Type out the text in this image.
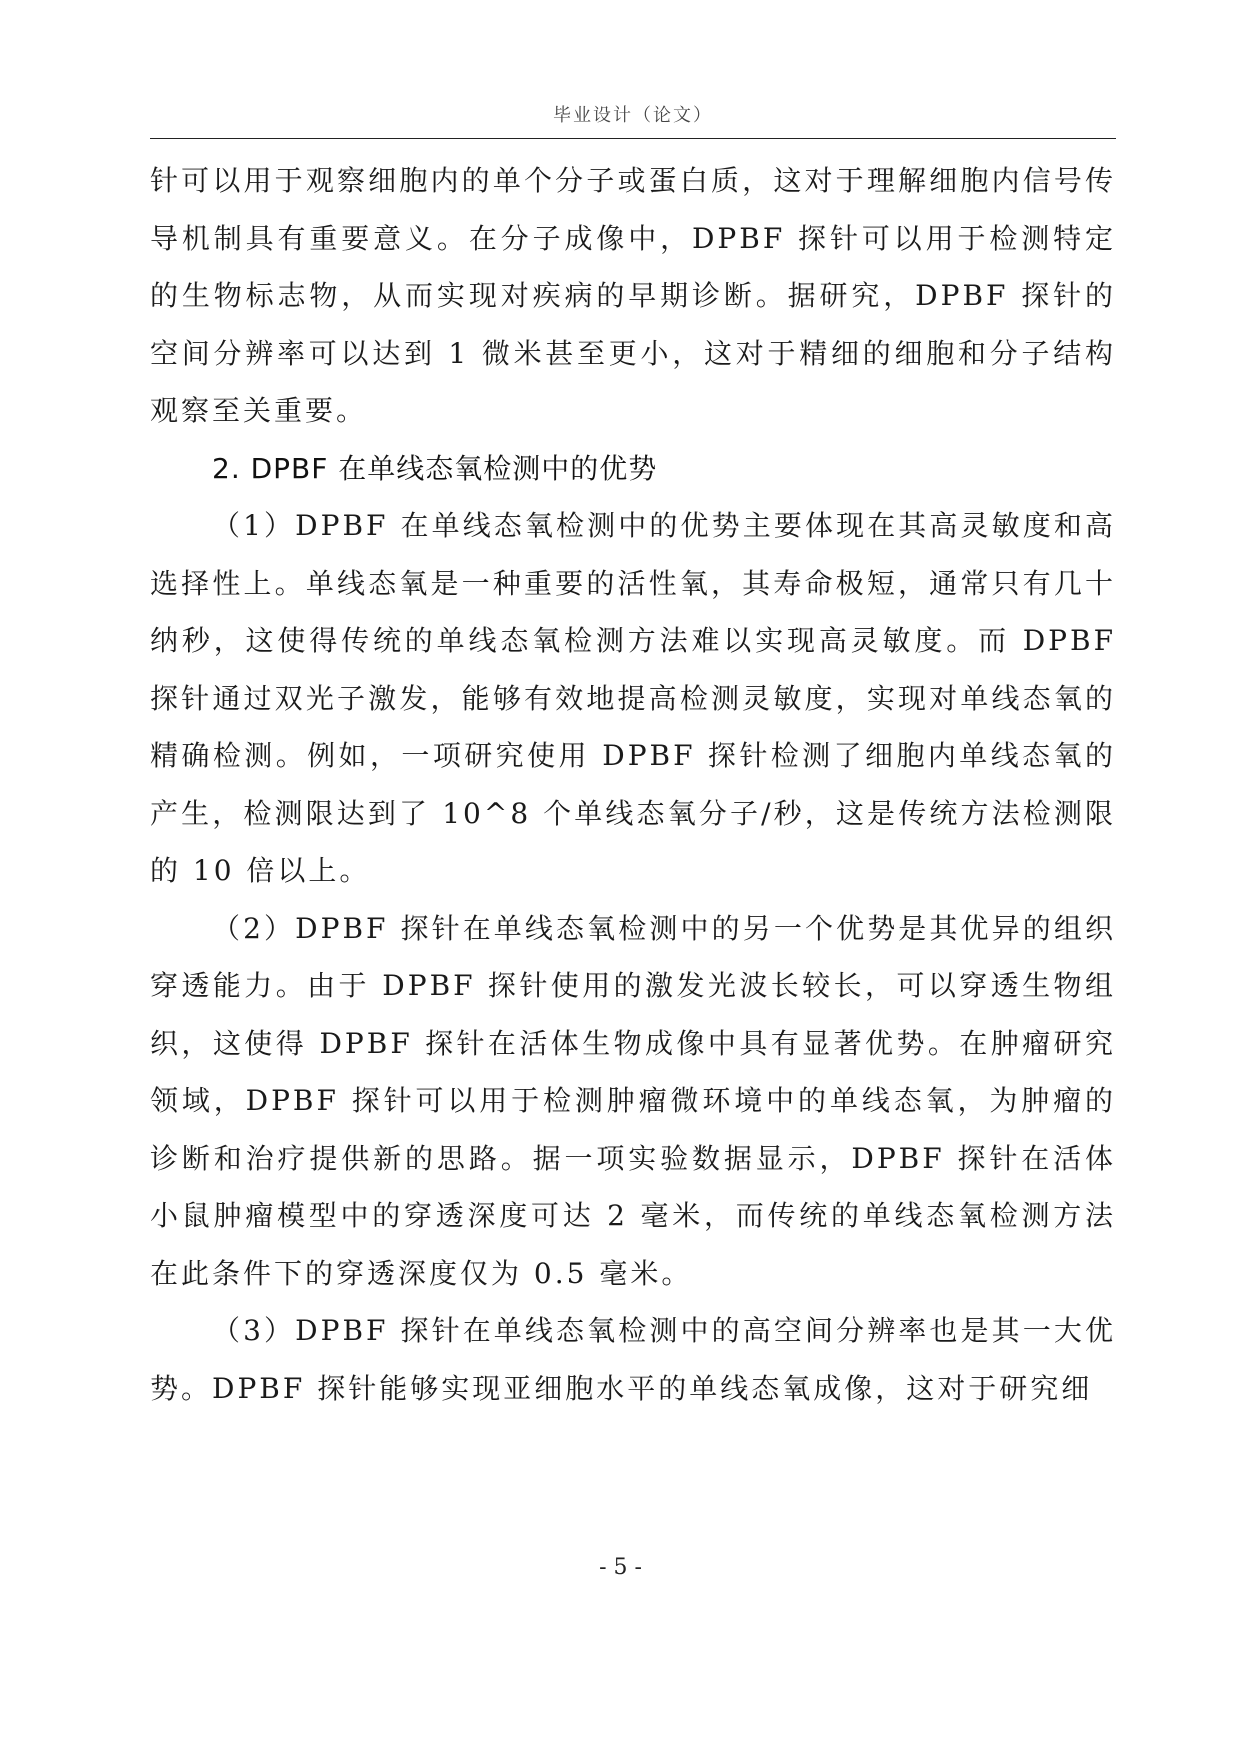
毕业设计（论文）

针可以用于观察细胞内的单个分子或蛋白质，这对于理解细胞内信号传导机制具有重要意义。在分子成像中，DPBF 探针可以用于检测特定的生物标志物，从而实现对疾病的早期诊断。据研究，DPBF 探针的空间分辨率可以达到 1 微米甚至更小，这对于精细的细胞和分子结构观察至关重要。

2. DPBF 在单线态氧检测中的优势

（1）DPBF 在单线态氧检测中的优势主要体现在其高灵敏度和高选择性上。单线态氧是一种重要的活性氧，其寿命极短，通常只有几十纳秒，这使得传统的单线态氧检测方法难以实现高灵敏度。而 DPBF 探针通过双光子激发，能够有效地提高检测灵敏度，实现对单线态氧的精确检测。例如，一项研究使用 DPBF 探针检测了细胞内单线态氧的产生，检测限达到了 10^8 个单线态氧分子/秒，这是传统方法检测限的 10 倍以上。

（2）DPBF 探针在单线态氧检测中的另一个优势是其优异的组织穿透能力。由于 DPBF 探针使用的激发光波长较长，可以穿透生物组织，这使得 DPBF 探针在活体生物成像中具有显著优势。在肿瘤研究领域，DPBF 探针可以用于检测肿瘤微环境中的单线态氧，为肿瘤的诊断和治疗提供新的思路。据一项实验数据显示，DPBF 探针在活体小鼠肿瘤模型中的穿透深度可达 2 毫米，而传统的单线态氧检测方法在此条件下的穿透深度仅为 0.5 毫米。

（3）DPBF 探针在单线态氧检测中的高空间分辨率也是其一大优势。DPBF 探针能够实现亚细胞水平的单线态氧成像，这对于研究细

- 5 -
